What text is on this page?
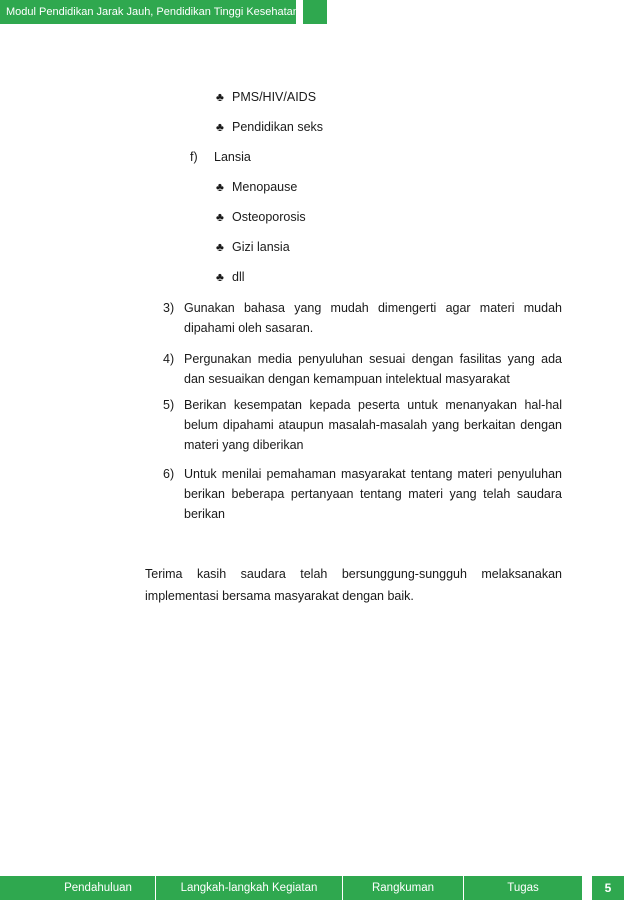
Modul Pendidikan Jarak Jauh, Pendidikan Tinggi Kesehatan
♣ PMS/HIV/AIDS
♣ Pendidikan seks
f) Lansia
♣ Menopause
♣ Osteoporosis
♣ Gizi lansia
♣ dll
3) Gunakan bahasa yang mudah dimengerti agar materi mudah dipahami oleh sasaran.
4) Pergunakan media penyuluhan sesuai dengan fasilitas yang ada dan sesuaikan dengan kemampuan intelektual masyarakat
5) Berikan kesempatan kepada peserta untuk menanyakan hal-hal belum dipahami ataupun masalah-masalah yang berkaitan dengan materi yang diberikan
6) Untuk menilai pemahaman masyarakat tentang materi penyuluhan berikan beberapa pertanyaan tentang materi yang telah saudara berikan
Terima kasih saudara telah bersunggung-sungguh melaksanakan implementasi bersama masyarakat dengan baik.
Pendahuluan	Langkah-langkah Kegiatan	Rangkuman	Tugas	5
